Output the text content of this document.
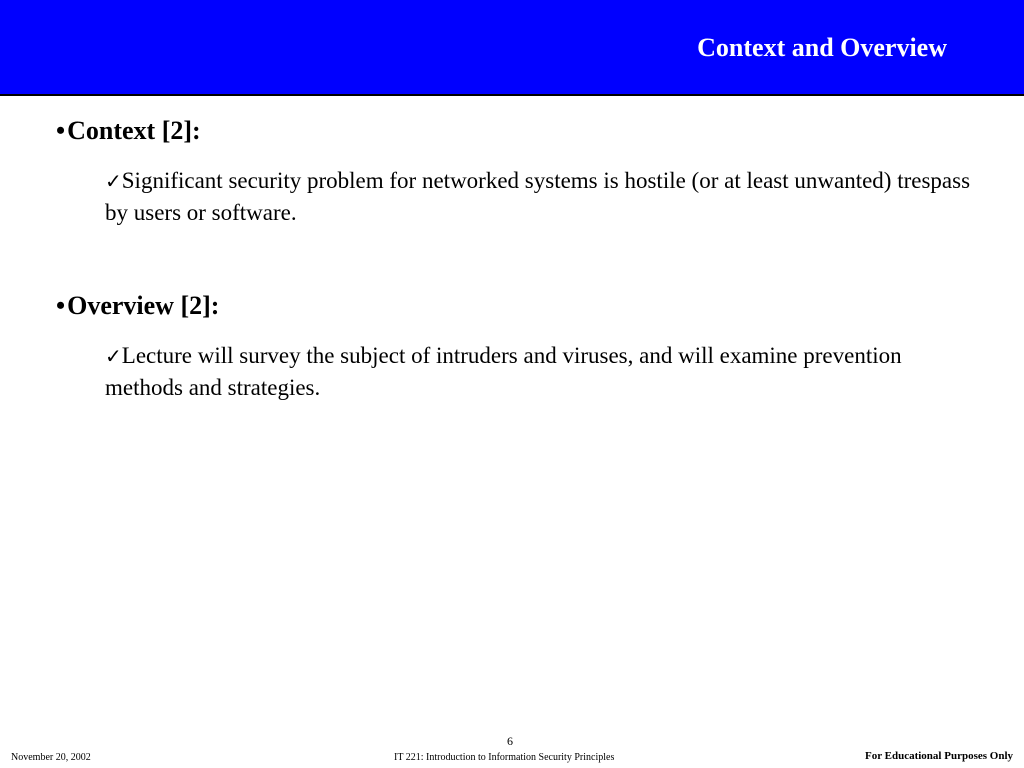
Context and Overview
•Context [2]:
✓Significant security problem for networked systems is hostile (or at least unwanted) trespass by users or software.
•Overview [2]:
✓Lecture will survey the subject of intruders and viruses, and will examine prevention methods and strategies.
6
November 20, 2002	IT 221: Introduction to Information Security Principles	For Educational Purposes Only
